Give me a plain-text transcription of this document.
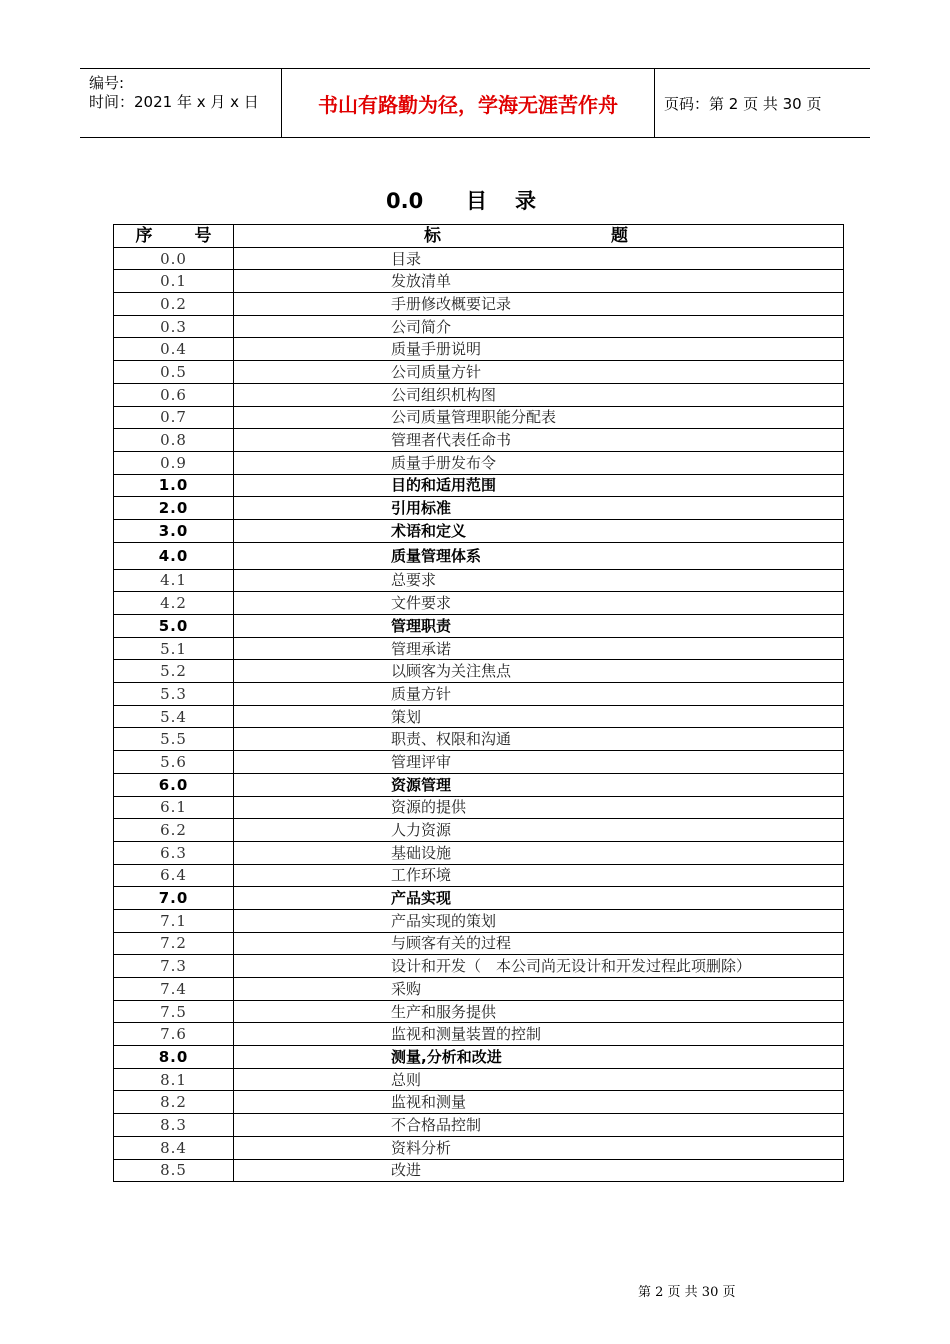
编号:
时间：2021 年 x 月 x 日	书山有路勤为径，学海无涯苦作舟	页码：第 2 页 共 30 页
0.0 目录
序 号	标 题
0.0	目录
0.1	发放清单
0.2	手册修改概要记录
0.3	公司简介
0.4	质量手册说明
0.5	公司质量方针
0.6	公司组织机构图
0.7	公司质量管理职能分配表
0.8	管理者代表任命书
0.9	质量手册发布令
1.0	目的和适用范围
2.0	引用标准
3.0	术语和定义
4.0	质量管理体系
4.1	总要求
4.2	文件要求
5.0	管理职责
5.1	管理承诺
5.2	以顾客为关注焦点
5.3	质量方针
5.4	策划
5.5	职责、权限和沟通
5.6	管理评审
6.0	资源管理
6.1	资源的提供
6.2	人力资源
6.3	基础设施
6.4	工作环境
7.0	产品实现
7.1	产品实现的策划
7.2	与顾客有关的过程
7.3	设计和开发（　本公司尚无设计和开发过程此项删除）
7.4	采购
7.5	生产和服务提供
7.6	监视和测量装置的控制
8.0	测量,分析和改进
8.1	总则
8.2	监视和测量
8.3	不合格品控制
8.4	资料分析
8.5	改进
第 2 页 共 30 页
